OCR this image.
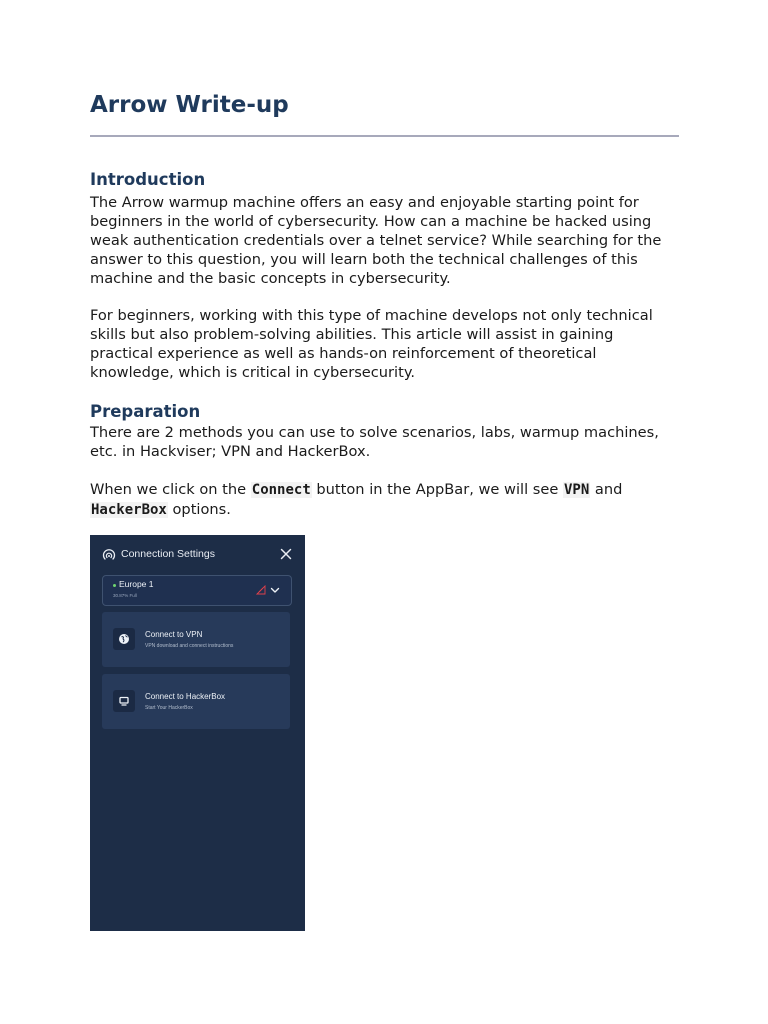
Arrow Write-up
Introduction

The Arrow warmup machine offers an easy and enjoyable starting point for beginners in the world of cybersecurity. How can a machine be hacked using weak authentication credentials over a telnet service? While searching for the answer to this question, you will learn both the technical challenges of this machine and the basic concepts in cybersecurity.

For beginners, working with this type of machine develops not only technical skills but also problem-solving abilities. This article will assist in gaining practical experience as well as hands-on reinforcement of theoretical knowledge, which is critical in cybersecurity.

Preparation

There are 2 methods you can use to solve scenarios, labs, warmup machines, etc. in Hackviser; VPN and HackerBox.

When we click on the Connect button in the AppBar, we will see VPN and
HackerBox options.

Connection Settings
Europe 1
30.87% Full
Connect to VPN
VPN download and connect instructions
Connect to HackerBox
Start Your HackerBox
